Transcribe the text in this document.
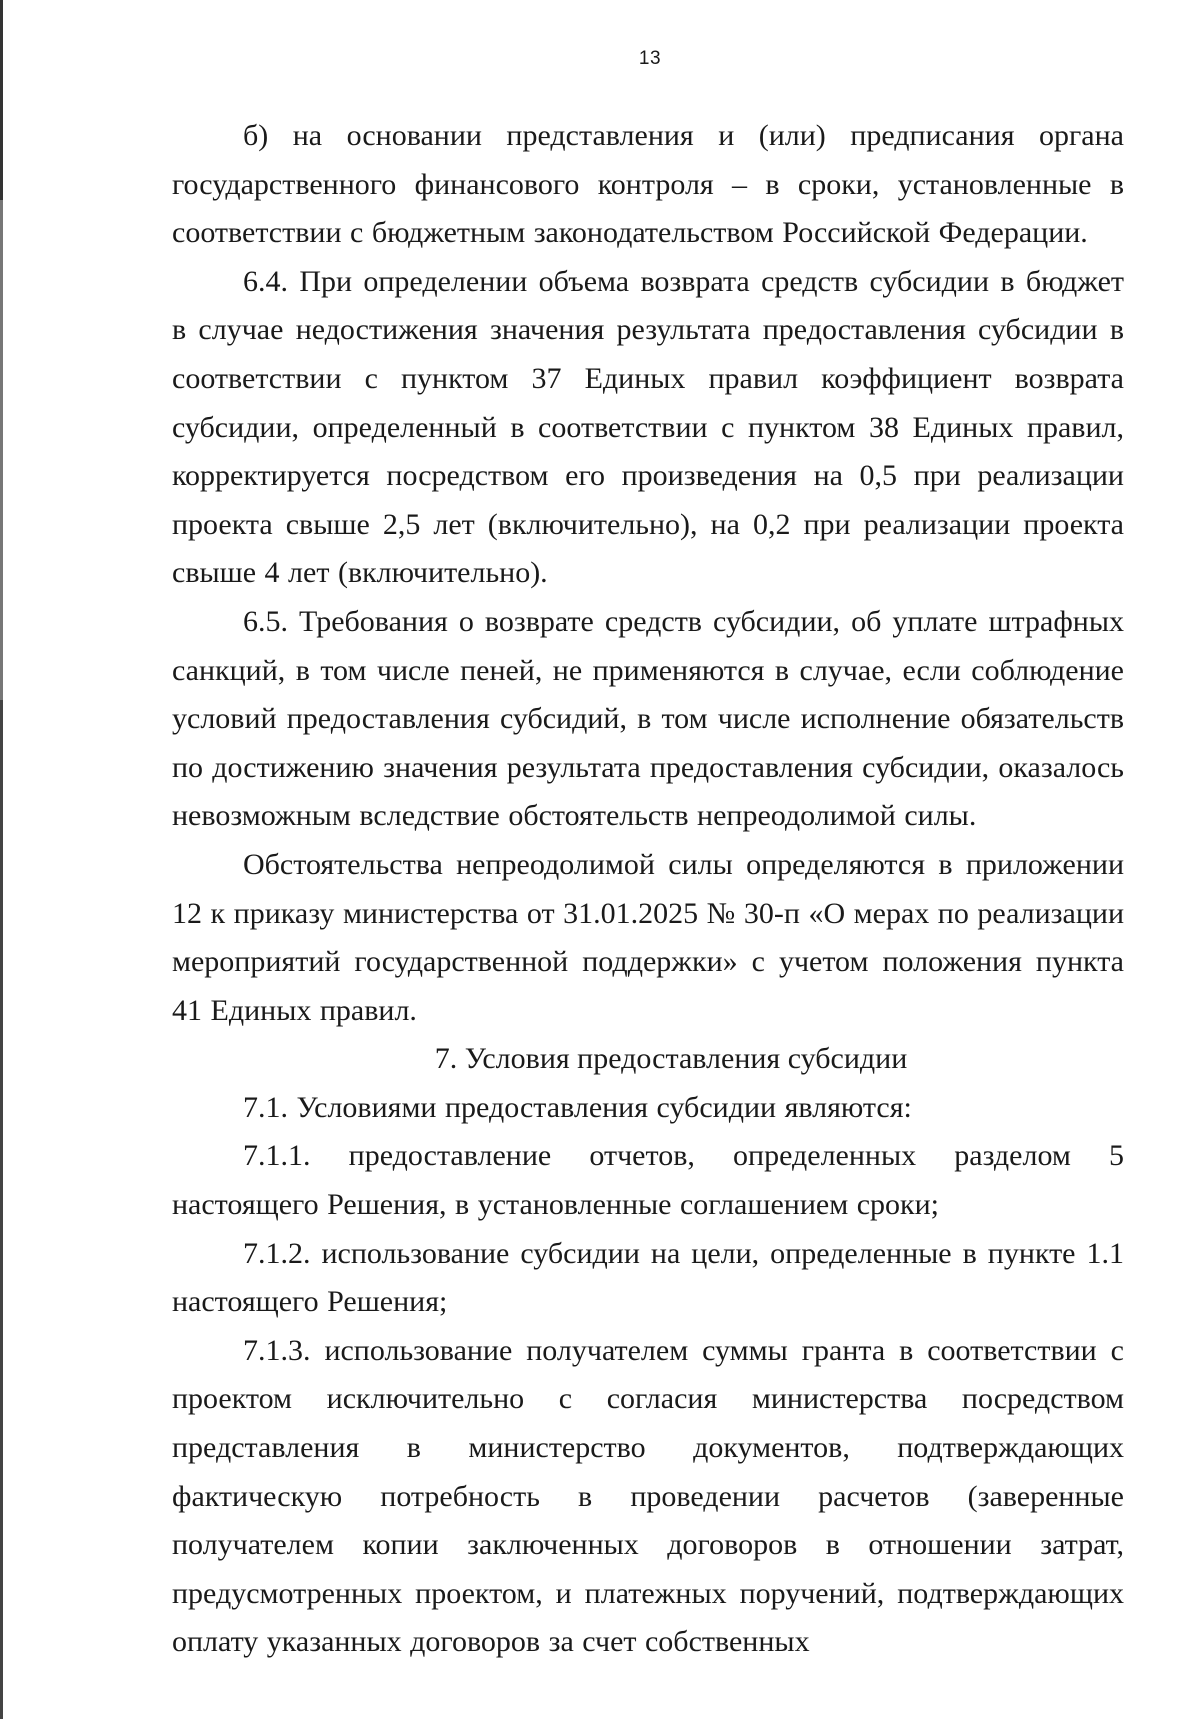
13

б) на основании представления и (или) предписания органа государственного финансового контроля – в сроки, установленные в соответствии с бюджетным законодательством Российской Федерации.

6.4. При определении объема возврата средств субсидии в бюджет в случае недостижения значения результата предоставления субсидии в соответствии с пунктом 37 Единых правил коэффициент возврата субсидии, определенный в соответствии с пунктом 38 Единых правил, корректируется посредством его произведения на 0,5 при реализации проекта свыше 2,5 лет (включительно), на 0,2 при реализации проекта свыше 4 лет (включительно).

6.5. Требования о возврате средств субсидии, об уплате штрафных санкций, в том числе пеней, не применяются в случае, если соблюдение условий предоставления субсидий, в том числе исполнение обязательств по достижению значения результата предоставления субсидии, оказалось невозможным вследствие обстоятельств непреодолимой силы.

Обстоятельства непреодолимой силы определяются в приложении 12 к приказу министерства от 31.01.2025 № 30-п «О мерах по реализации мероприятий государственной поддержки» с учетом положения пункта 41 Единых правил.

7. Условия предоставления субсидии

7.1. Условиями предоставления субсидии являются:

7.1.1. предоставление отчетов, определенных разделом 5 настоящего Решения, в установленные соглашением сроки;

7.1.2. использование субсидии на цели, определенные в пункте 1.1 настоящего Решения;

7.1.3. использование получателем суммы гранта в соответствии с проектом исключительно с согласия министерства посредством представления в министерство документов, подтверждающих фактическую потребность в проведении расчетов (заверенные получателем копии заключенных договоров в отношении затрат, предусмотренных проектом, и платежных поручений, подтверждающих оплату указанных договоров за счет собственных
